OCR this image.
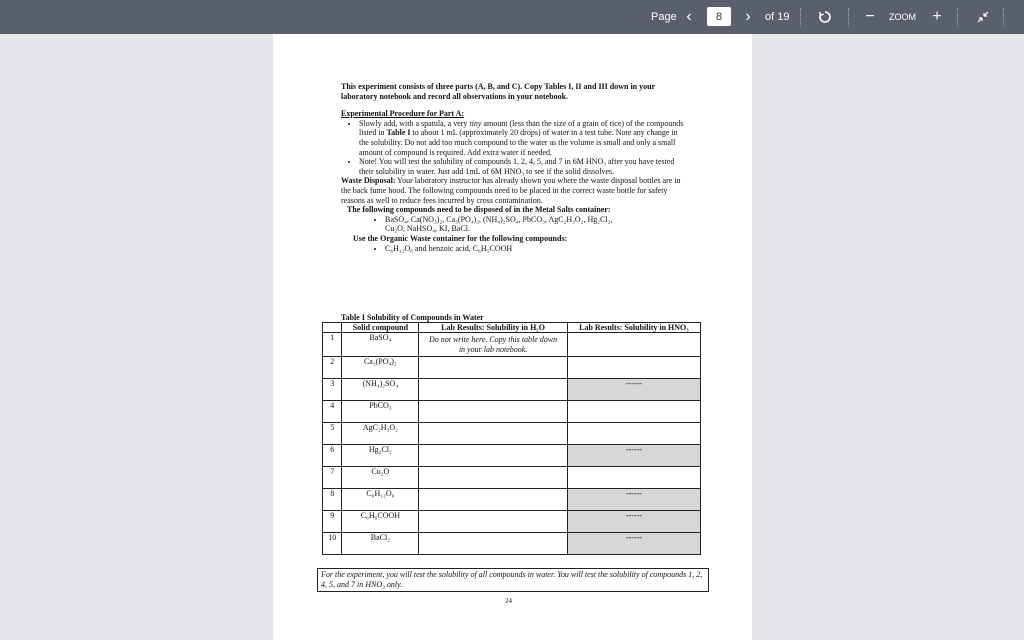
Page ‹
8	›	of 19	−	ZOOM +

This experiment consists of three parts (A, B, and C). Copy Tables I, II and III down in your laboratory notebook and record all observations in your notebook.

Experimental Procedure for Part A:

• Slowly add, with a spatula, a very tiny amount (less than the size of a grain of rice) of the compounds listed in Table I to about 1 mL (approximately 20 drops) of water in a test tube. Note any change in the solubility. Do not add too much compound to the water as the volume is small and only a small amount of compound is required. Add extra water if needed.
• Note! You will test the solubility of compounds 1, 2, 4, 5, and 7 in 6M HNO₃ after you have tested their solubility in water. Just add 1mL of 6M HNO₃ to see if the solid dissolves.

Waste Disposal: Your laboratory instructor has already shown you where the waste disposal bottles are in the back fume hood. The following compounds need to be placed in the correct waste bottle for safety reasons as well to reduce fees incurred by cross contamination.

The following compounds need to be disposed of in the Metal Salts container:

• BaSO₄, Ca(NO₃)₂, Ca₃(PO₄)₂, (NH₄)₂SO₄, PbCO₃, AgC₂H₃O₂, Hg₂Cl₂,
Cu₂O, NaHSO₄, KI, BaCl.

Use the Organic Waste container for the following compounds:

• C₆H₁₂O₆ and benzoic acid, C₆H₅COOH
Table I Solubility of Compounds in Water
	Solid compound	Lab Results: Solubility in H₂O	Lab Results: Solubility in HNO₃
1	BaSO₄	Do not write here. Copy this table down in your lab notebook.	

2	Ca₃(PO₄)₂		
3	(NH₄)₂SO₄		------
4	PbCO₃		
5	AgC₂H₃O₂		
6	Hg₂Cl₂		------
7	Cu₂O		
8	C₆H₁₂O₆		------
9	C₆H₅COOH		------
10	BaCl₂		------
For the experiment, you will test the solubility of all compounds in water. You will test the solubility of compounds 1, 2, 4, 5, and 7 in HNO₃ only.
24
